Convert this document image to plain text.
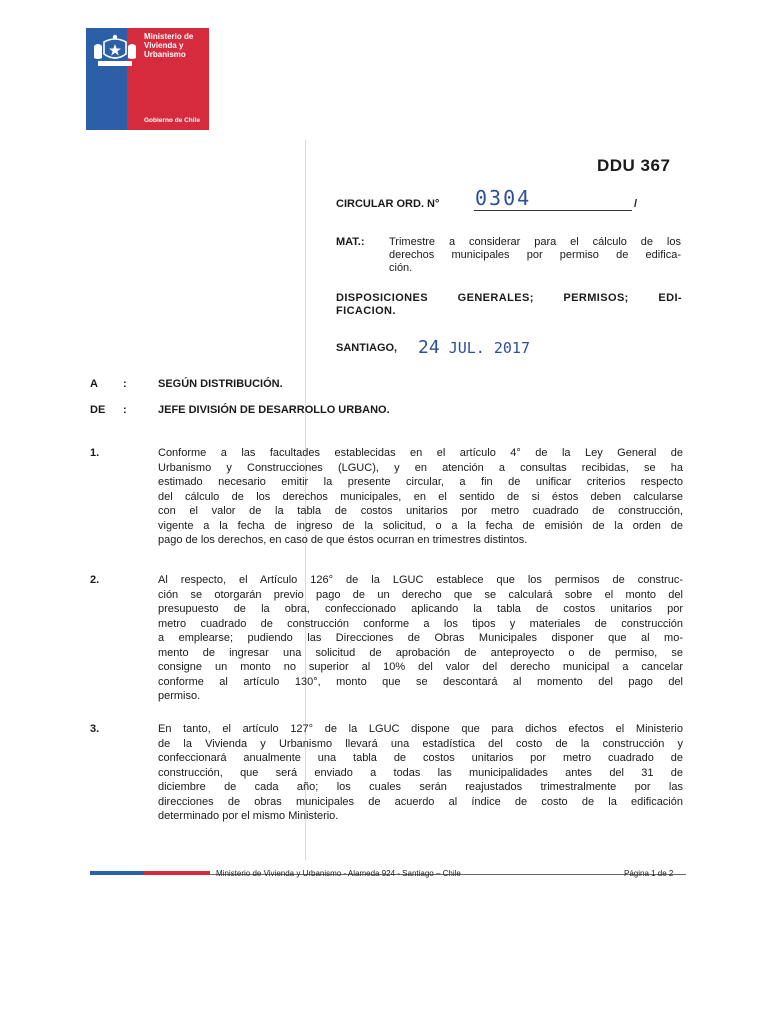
Ministerio de
Vivienda y
Urbanismo
Gobierno de Chile
DDU 367
CIRCULAR ORD. N° 0304	/
MAT.: Trimestre a considerar para el cálculo de los
derechos municipales por permiso de edifica-
ción.
DISPOSICIONES GENERALES; PERMISOS; EDI-
FICACION.
SANTIAGO, 24 JUL. 2017
A :	SEGÚN DISTRIBUCIÓN.
DE :	JEFE DIVISIÓN DE DESARROLLO URBANO.
1.	Conforme a las facultades establecidas en el artículo 4° de la Ley General de
Urbanismo y Construcciones (LGUC), y en atención a consultas recibidas, se ha
estimado necesario emitir la presente circular, a fin de unificar criterios respecto
del cálculo de los derechos municipales, en el sentido de si éstos deben calcularse
con el valor de la tabla de costos unitarios por metro cuadrado de construcción,
vigente a la fecha de ingreso de la solicitud, o a la fecha de emisión de la orden de
pago de los derechos, en caso de que éstos ocurran en trimestres distintos.
2.	Al respecto, el Artículo 126° de la LGUC establece que los permisos de construc-
ción se otorgarán previo pago de un derecho que se calculará sobre el monto del
presupuesto de la obra, confeccionado aplicando la tabla de costos unitarios por
metro cuadrado de construcción conforme a los tipos y materiales de construcción
a emplearse; pudiendo las Direcciones de Obras Municipales disponer que al mo-
mento de ingresar una solicitud de aprobación de anteproyecto o de permiso, se
consigne un monto no superior al 10% del valor del derecho municipal a cancelar
conforme al artículo 130°, monto que se descontará al momento del pago del
permiso.
3.	En tanto, el artículo 127° de la LGUC dispone que para dichos efectos el Ministerio
de la Vivienda y Urbanismo llevará una estadística del costo de la construcción y
confeccionará anualmente una tabla de costos unitarios por metro cuadrado de
construcción, que será enviado a todas las municipalidades antes del 31 de
diciembre de cada año; los cuales serán reajustados trimestralmente por las
direcciones de obras municipales de acuerdo al índice de costo de la edificación
determinado por el mismo Ministerio.
Ministerio de Vivienda y Urbanismo - Alameda 924 - Santiago – Chile	Página 1 de 2
